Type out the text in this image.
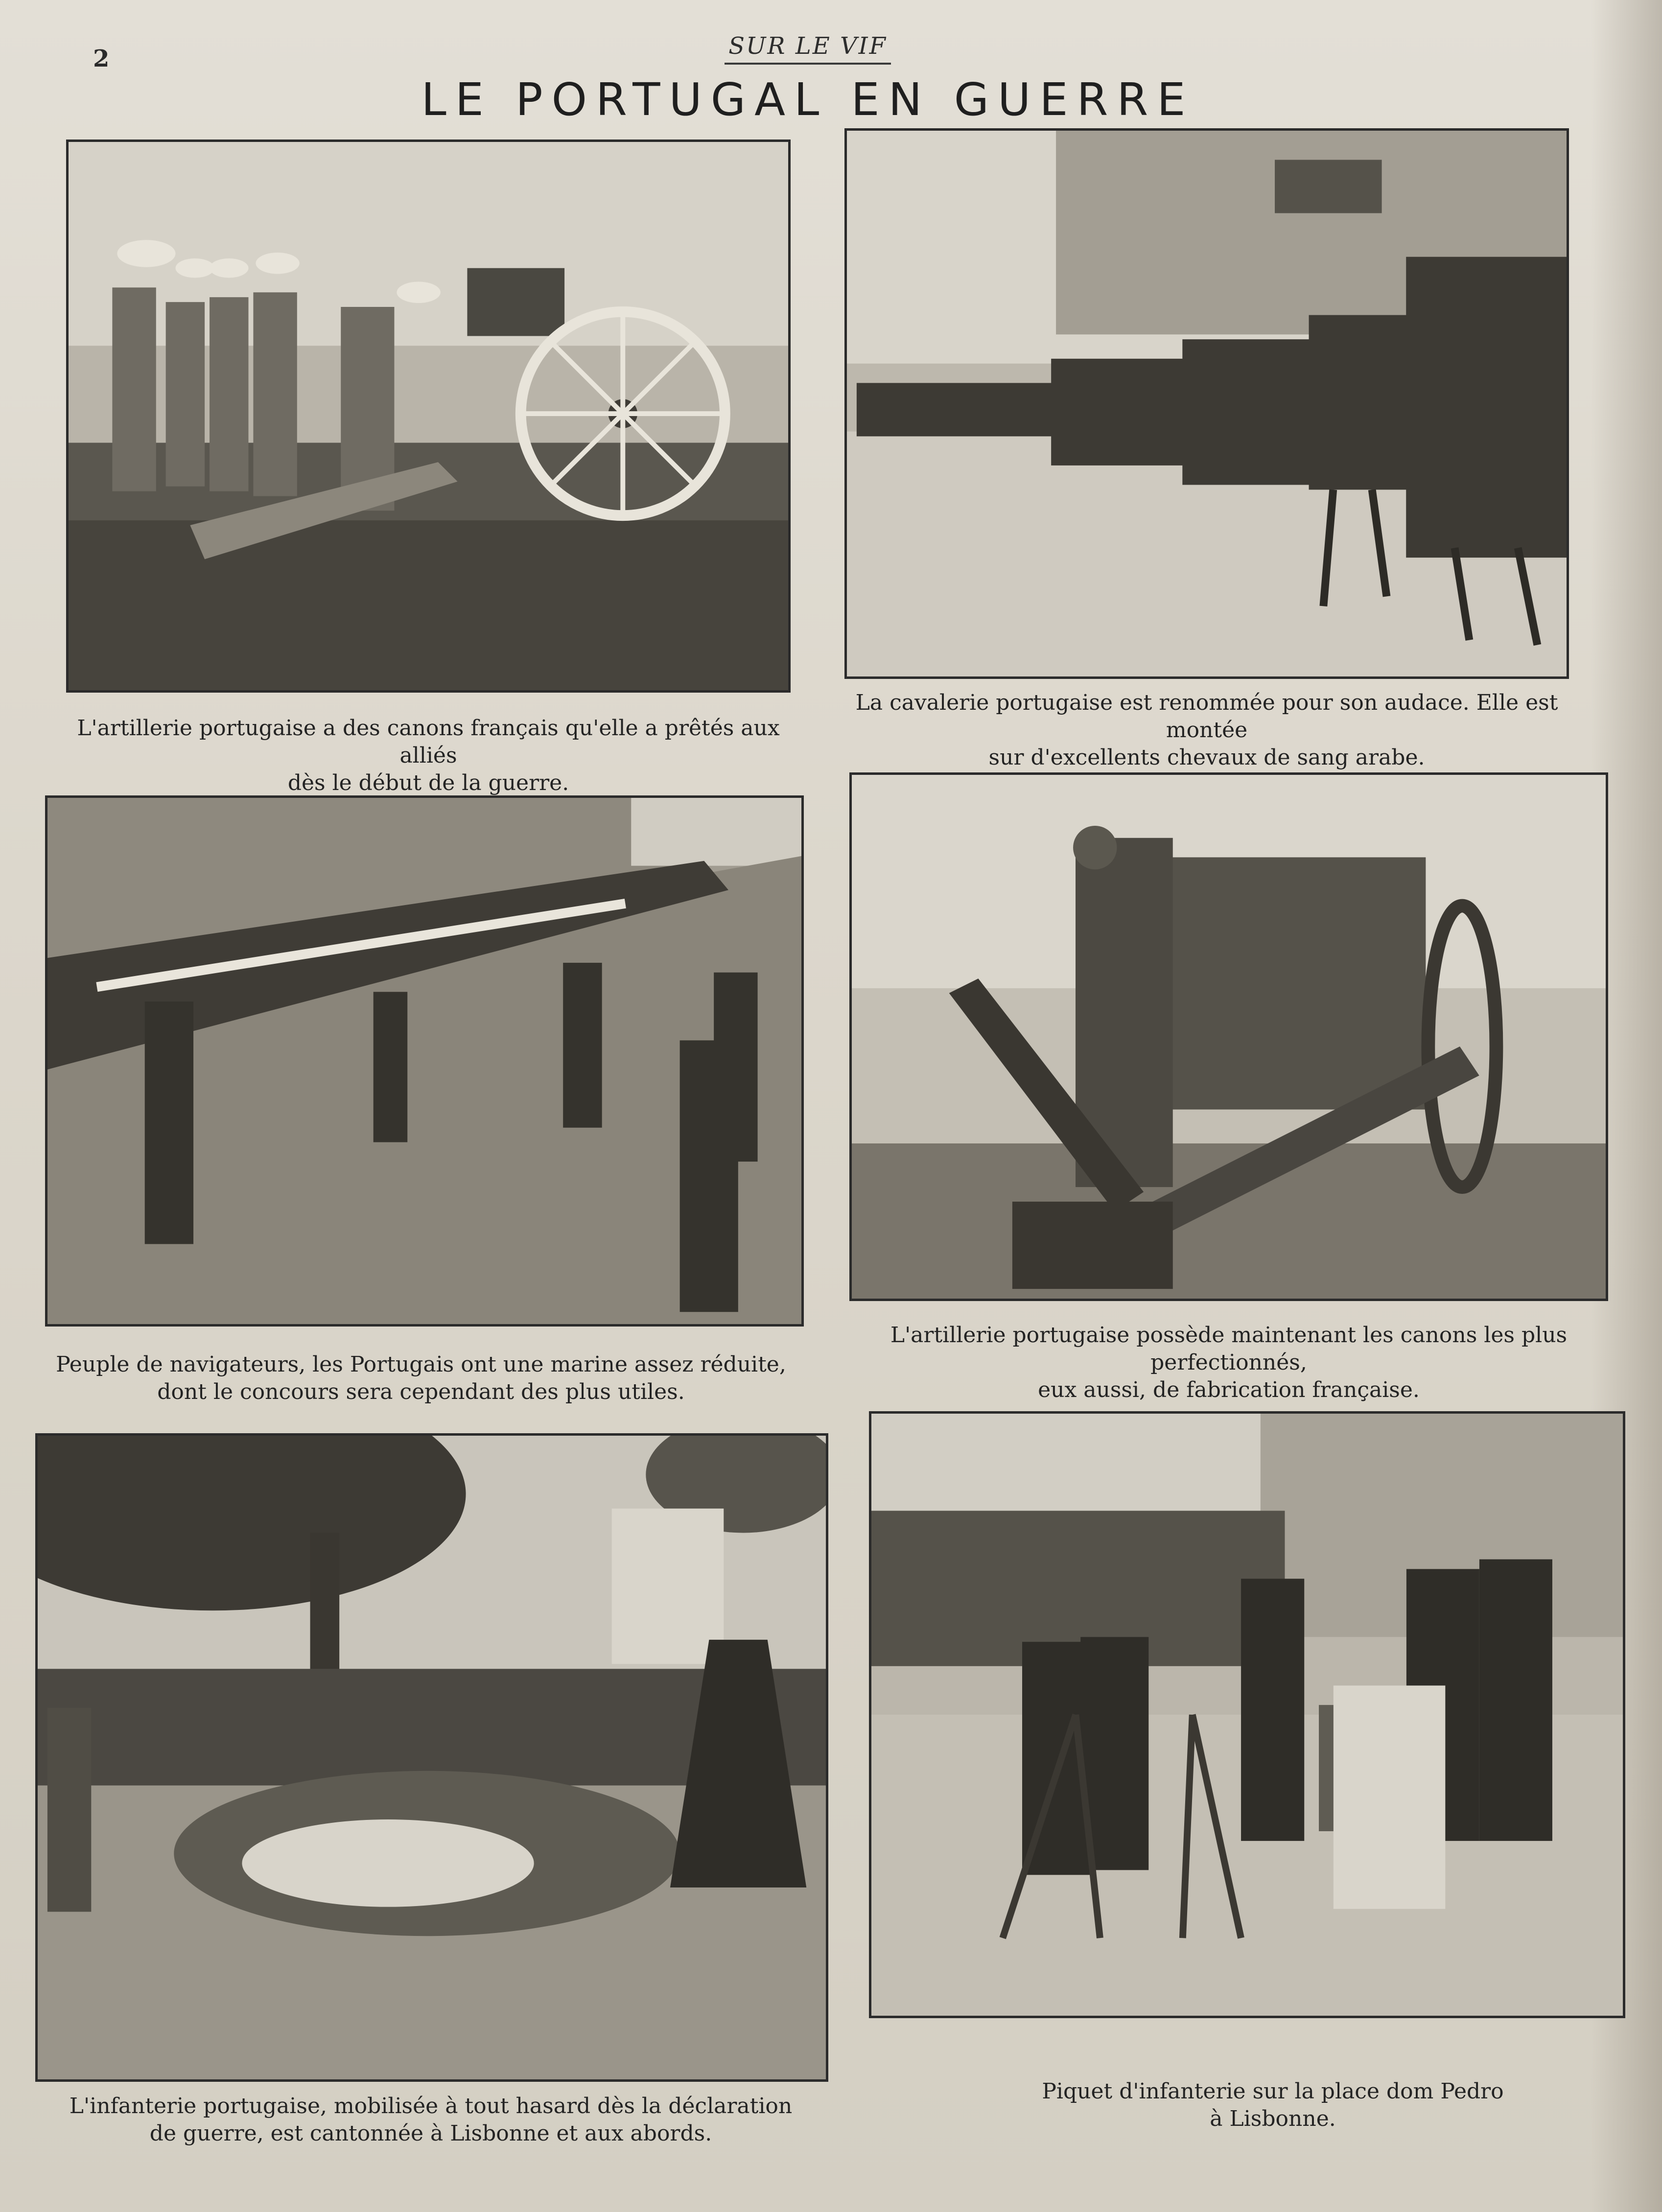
2	SUR LE VIF
LE PORTUGAL EN GUERRE
L'artillerie portugaise a des canons français qu'elle a prêtés aux alliés
dès le début de la guerre.
La cavalerie portugaise est renommée pour son audace. Elle est montée
sur d'excellents chevaux de sang arabe.
Peuple de navigateurs, les Portugais ont une marine assez réduite,
dont le concours sera cependant des plus utiles.
L'artillerie portugaise possède maintenant les canons les plus perfectionnés,
eux aussi, de fabrication française.
L'infanterie portugaise, mobilisée à tout hasard dès la déclaration
de guerre, est cantonnée à Lisbonne et aux abords.
Piquet d'infanterie sur la place dom Pedro
à Lisbonne.
